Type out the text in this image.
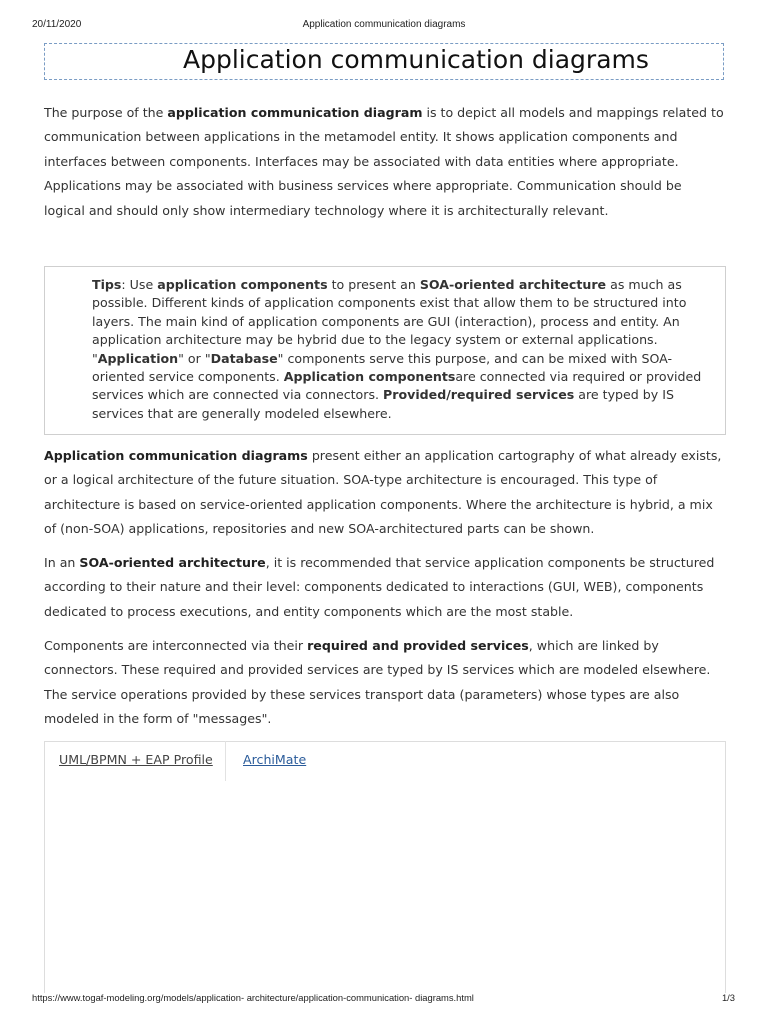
20/11/2020	Application communication diagrams
Application communication diagrams

The purpose of the application communication diagram is to depict all models and mappings related to communication between applications in the metamodel entity. It shows application components and interfaces between components. Interfaces may be associated with data entities where appropriate. Applications may be associated with business services where appropriate. Communication should be logical and should only show intermediary technology where it is architecturally relevant.

Tips: Use application components to present an SOA-oriented architecture as much as possible. Different kinds of application components exist that allow them to be structured into layers. The main kind of application components are GUI (interaction), process and entity. An application architecture may be hybrid due to the legacy system or external applications. "Application" or "Database" components serve this purpose, and can be mixed with SOA-oriented service components. Application componentsare connected via required or provided services which are connected via connectors. Provided/required services are typed by IS services that are generally modeled elsewhere.

Application communication diagrams present either an application cartography of what already exists, or a logical architecture of the future situation. SOA-type architecture is encouraged. This type of architecture is based on service-oriented application components. Where the architecture is hybrid, a mix of (non-SOA) applications, repositories and new SOA-architectured parts can be shown.

In an SOA-oriented architecture, it is recommended that service application components be structured according to their nature and their level: components dedicated to interactions (GUI, WEB), components dedicated to process executions, and entity components which are the most stable.

Components are interconnected via their required and provided services, which are linked by connectors. These required and provided services are typed by IS services which are modeled elsewhere. The service operations provided by these services transport data (parameters) whose types are also modeled in the form of "messages".

UML/BPMN + EAP Profile	ArchiMate
https://www.togaf-modeling.org/models/application- architecture/application-communication- diagrams.html	1/3
